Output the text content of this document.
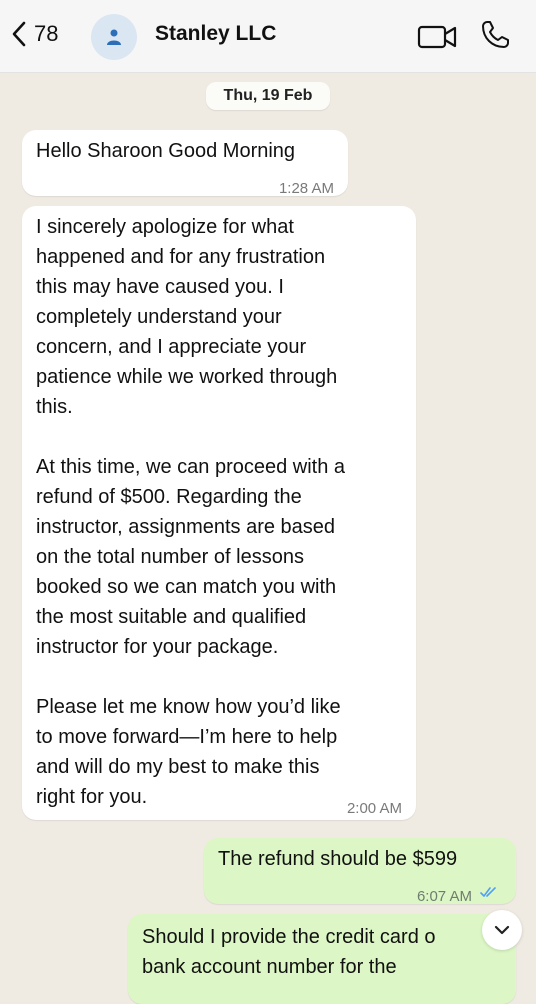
78	Stanley LLC
Thu, 19 Feb
Hello Sharoon Good Morning
1:28 AM
I sincerely apologize for what
happened and for any frustration
this may have caused you. I
completely understand your
concern, and I appreciate your
patience while we worked through
this.

At this time, we can proceed with a
refund of $500. Regarding the
instructor, assignments are based
on the total number of lessons
booked so we can match you with
the most suitable and qualified
instructor for your package.

Please let me know how you’d like
to move forward—I’m here to help
and will do my best to make this
right for you.
2:00 AM
The refund should be $599
6:07 AM
Should I provide the credit card o
bank account number for the
